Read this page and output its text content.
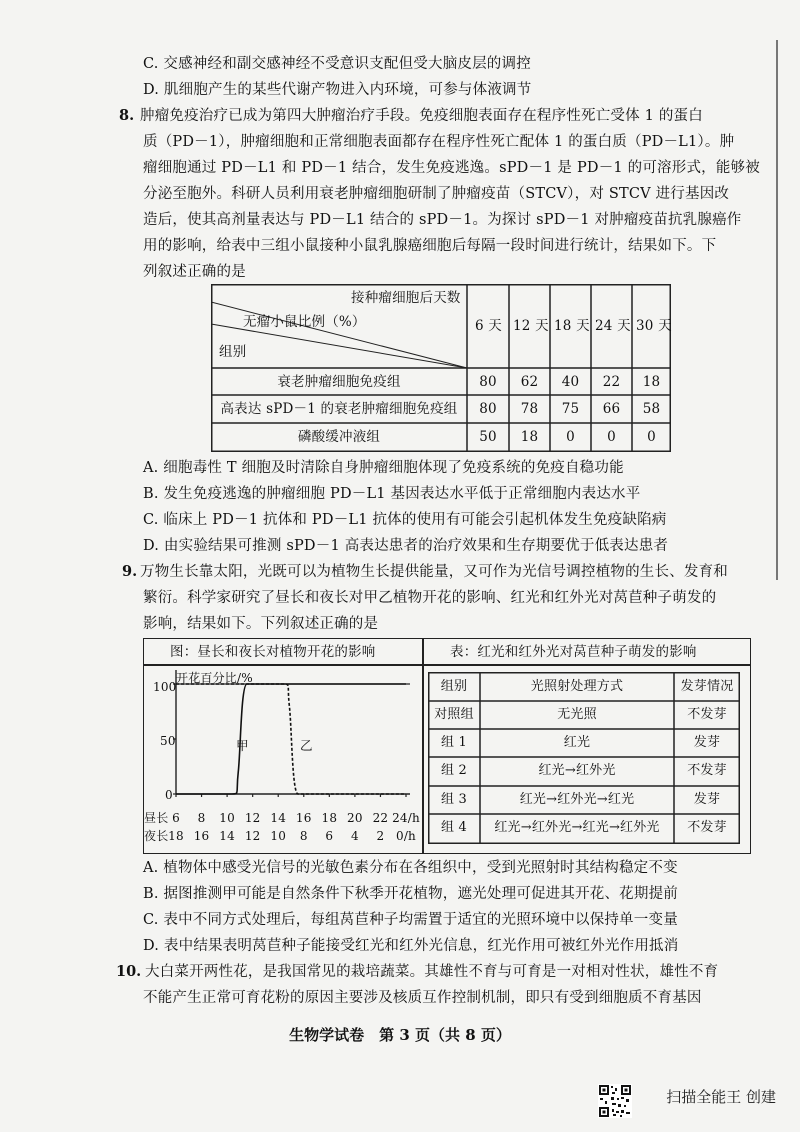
C. 交感神经和副交感神经不受意识支配但受大脑皮层的调控
D. 肌细胞产生的某些代谢产物进入内环境，可参与体液调节
8. 肿瘤免疫治疗已成为第四大肿瘤治疗手段。免疫细胞表面存在程序性死亡受体 1 的蛋白
质（PD－1），肿瘤细胞和正常细胞表面都存在程序性死亡配体 1 的蛋白质（PD－L1）。肿
瘤细胞通过 PD－L1 和 PD－1 结合，发生免疫逃逸。sPD－1 是 PD－1 的可溶形式，能够被
分泌至胞外。科研人员利用衰老肿瘤细胞研制了肿瘤疫苗（STCV），对 STCV 进行基因改
造后，使其高剂量表达与 PD－L1 结合的 sPD－1。为探讨 sPD－1 对肿瘤疫苗抗乳腺癌作
用的影响，给表中三组小鼠接种小鼠乳腺癌细胞后每隔一段时间进行统计，结果如下。下
列叙述正确的是
接种瘤细胞后天数
无瘤小鼠比例（%）
组别
6 天 12 天 18 天 24 天 30 天
衰老肿瘤细胞免疫组	80	62	40	22	18
高表达 sPD－1 的衰老肿瘤细胞免疫组	80	78	75	66	58
磷酸缓冲液组	50	18	0	0	0
A. 细胞毒性 T 细胞及时清除自身肿瘤细胞体现了免疫系统的免疫自稳功能
B. 发生免疫逃逸的肿瘤细胞 PD－L1 基因表达水平低于正常细胞内表达水平
C. 临床上 PD－1 抗体和 PD－L1 抗体的使用有可能会引起机体发生免疫缺陷病
D. 由实验结果可推测 sPD－1 高表达患者的治疗效果和生存期要优于低表达患者
9. 万物生长靠太阳，光既可以为植物生长提供能量，又可作为光信号调控植物的生长、发育和
繁衍。科学家研究了昼长和夜长对甲乙植物开花的影响、红光和红外光对莴苣种子萌发的
影响，结果如下。下列叙述正确的是
图：昼长和夜长对植物开花的影响	表：红光和红外光对莴苣种子萌发的影响
开花百分比/%
100
50
0
甲	乙
昼长
夜长
6	8	10 12 14 16 18 20 22 24/h
18 16 14 12 10	8	6	4	2 0/h
组别	光照射处理方式	发芽情况
对照组	无光照	不发芽
组 1	红光	发芽
组 2	红光→红外光	不发芽
组 3	红光→红外光→红光	发芽
组 4	红光→红外光→红光→红外光	不发芽
A. 植物体中感受光信号的光敏色素分布在各组织中，受到光照射时其结构稳定不变
B. 据图推测甲可能是自然条件下秋季开花植物，遮光处理可促进其开花、花期提前
C. 表中不同方式处理后，每组莴苣种子均需置于适宜的光照环境中以保持单一变量
D. 表中结果表明莴苣种子能接受红光和红外光信息，红光作用可被红外光作用抵消
10. 大白菜开两性花，是我国常见的栽培蔬菜。其雄性不育与可育是一对相对性状，雄性不育
不能产生正常可育花粉的原因主要涉及核质互作控制机制，即只有受到细胞质不育基因
生物学试卷　第 3 页（共 8 页）
扫描全能王 创建
